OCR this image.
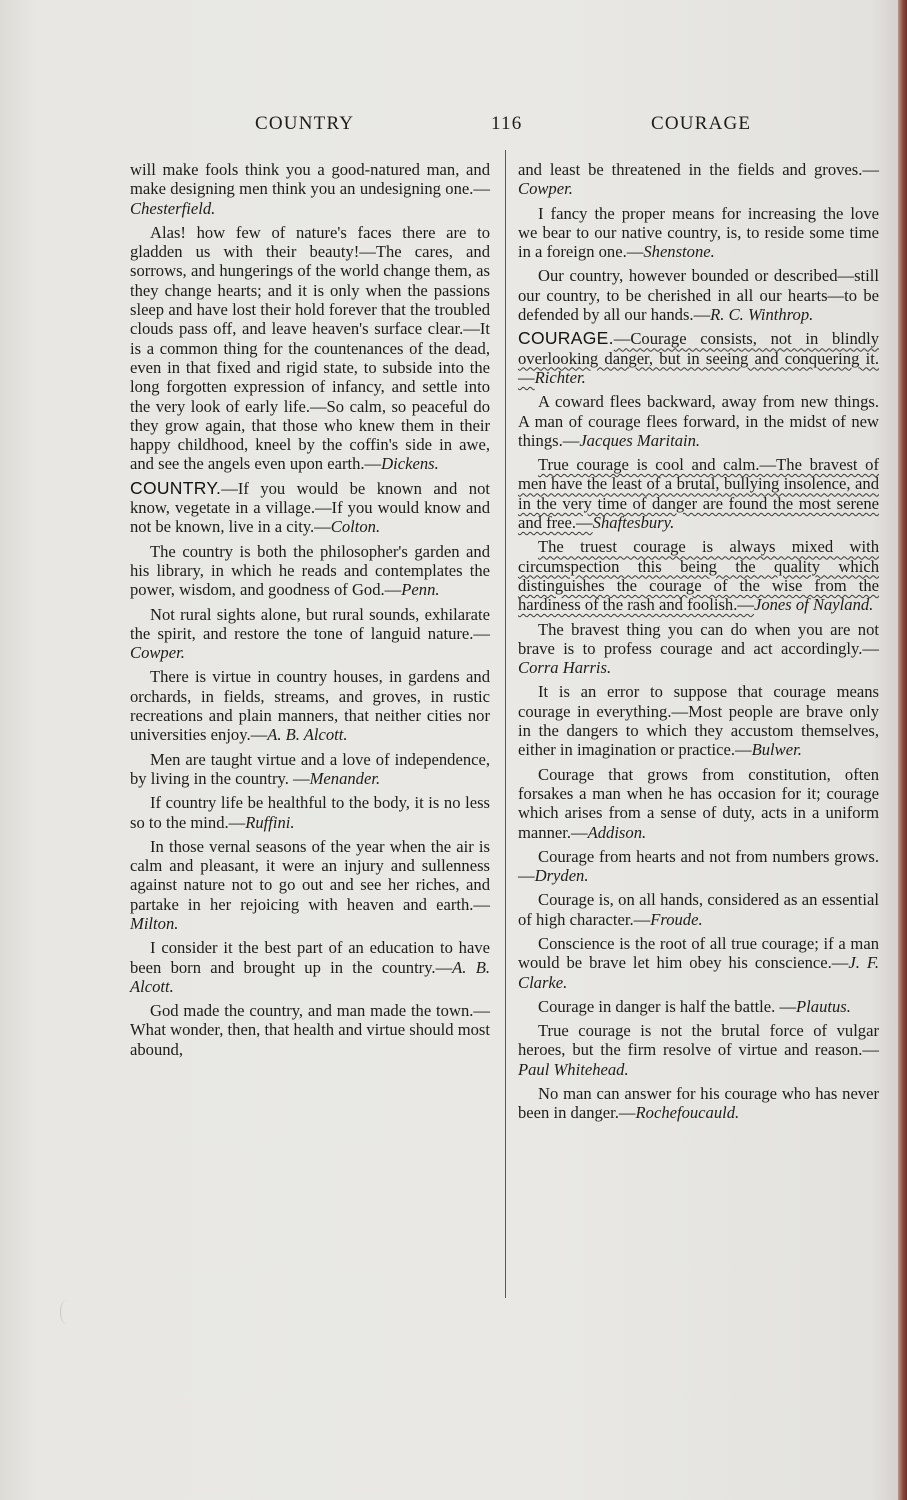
COUNTRY	116	COURAGE

will make fools think you a good-natured man, and make designing men think you an undesigning one.—Chesterfield.

Alas! how few of nature's faces there are to gladden us with their beauty!—The cares, and sorrows, and hungerings of the world change them, as they change hearts; and it is only when the passions sleep and have lost their hold forever that the troubled clouds pass off, and leave heaven's surface clear.—It is a common thing for the countenances of the dead, even in that fixed and rigid state, to subside into the long forgotten expression of infancy, and settle into the very look of early life.—So calm, so peaceful do they grow again, that those who knew them in their happy childhood, kneel by the coffin's side in awe, and see the angels even upon earth.—Dickens.

COUNTRY.—If you would be known and not know, vegetate in a village.—If you would know and not be known, live in a city.—Colton.

The country is both the philosopher's garden and his library, in which he reads and contemplates the power, wisdom, and goodness of God.—Penn.

Not rural sights alone, but rural sounds, exhilarate the spirit, and restore the tone of languid nature.—Cowper.

There is virtue in country houses, in gardens and orchards, in fields, streams, and groves, in rustic recreations and plain manners, that neither cities nor universities enjoy.—A. B. Alcott.

Men are taught virtue and a love of independence, by living in the country. —Menander.

If country life be healthful to the body, it is no less so to the mind.—Ruffini.

In those vernal seasons of the year when the air is calm and pleasant, it were an injury and sullenness against nature not to go out and see her riches, and partake in her rejoicing with heaven and earth.—Milton.

I consider it the best part of an education to have been born and brought up in the country.—A. B. Alcott.

God made the country, and man made the town.—What wonder, then, that health and virtue should most abound,

and least be threatened in the fields and groves.—Cowper.

I fancy the proper means for increasing the love we bear to our native country, is, to reside some time in a foreign one.—Shenstone.

Our country, however bounded or described—still our country, to be cherished in all our hearts—to be defended by all our hands.—R. C. Winthrop.

COURAGE.—Courage consists, not in blindly overlooking danger, but in seeing and conquering it.—Richter.

A coward flees backward, away from new things. A man of courage flees forward, in the midst of new things.—Jacques Maritain.

True courage is cool and calm.—The bravest of men have the least of a brutal, bullying insolence, and in the very time of danger are found the most serene and free.—Shaftesbury.

The truest courage is always mixed with circumspection this being the quality which distinguishes the courage of the wise from the hardiness of the rash and foolish.—Jones of Nayland.

The bravest thing you can do when you are not brave is to profess courage and act accordingly.—Corra Harris.

It is an error to suppose that courage means courage in everything.—Most people are brave only in the dangers to which they accustom themselves, either in imagination or practice.—Bulwer.

Courage that grows from constitution, often forsakes a man when he has occasion for it; courage which arises from a sense of duty, acts in a uniform manner.—Addison.

Courage from hearts and not from numbers grows.—Dryden.

Courage is, on all hands, considered as an essential of high character.—Froude.

Conscience is the root of all true courage; if a man would be brave let him obey his conscience.—J. F. Clarke.

Courage in danger is half the battle. —Plautus.

True courage is not the brutal force of vulgar heroes, but the firm resolve of virtue and reason.—Paul Whitehead.

No man can answer for his courage who has never been in danger.—Rochefoucauld.
